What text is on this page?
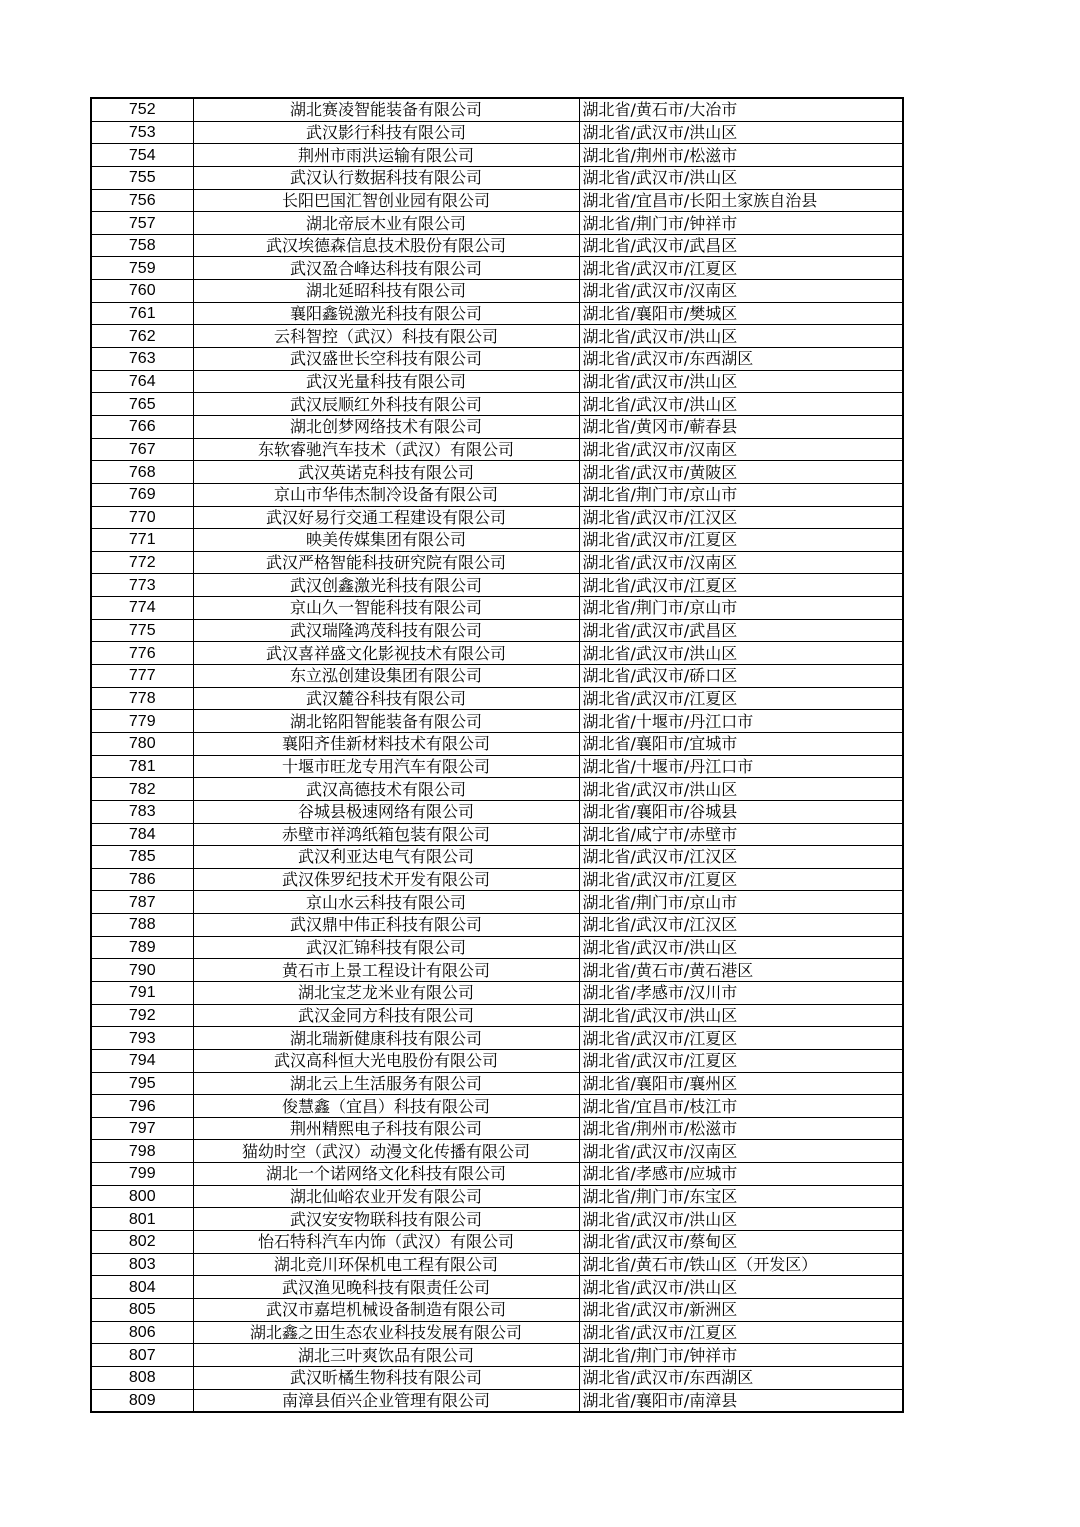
752	湖北赛凌智能装备有限公司	湖北省/黄石市/大冶市
753	武汉影行科技有限公司	湖北省/武汉市/洪山区
754	荆州市雨洪运输有限公司	湖北省/荆州市/松滋市
755	武汉认行数据科技有限公司	湖北省/武汉市/洪山区
756	长阳巴国汇智创业园有限公司	湖北省/宜昌市/长阳土家族自治县
757	湖北帝辰木业有限公司	湖北省/荆门市/钟祥市
758	武汉埃德森信息技术股份有限公司	湖北省/武汉市/武昌区
759	武汉盈合峰达科技有限公司	湖北省/武汉市/江夏区
760	湖北延昭科技有限公司	湖北省/武汉市/汉南区
761	襄阳鑫锐激光科技有限公司	湖北省/襄阳市/樊城区
762	云科智控（武汉）科技有限公司	湖北省/武汉市/洪山区
763	武汉盛世长空科技有限公司	湖北省/武汉市/东西湖区
764	武汉光量科技有限公司	湖北省/武汉市/洪山区
765	武汉辰顺红外科技有限公司	湖北省/武汉市/洪山区
766	湖北创梦网络技术有限公司	湖北省/黄冈市/蕲春县
767	东软睿驰汽车技术（武汉）有限公司	湖北省/武汉市/汉南区
768	武汉英诺克科技有限公司	湖北省/武汉市/黄陂区
769	京山市华伟杰制冷设备有限公司	湖北省/荆门市/京山市
770	武汉好易行交通工程建设有限公司	湖北省/武汉市/江汉区
771	映美传媒集团有限公司	湖北省/武汉市/江夏区
772	武汉严格智能科技研究院有限公司	湖北省/武汉市/汉南区
773	武汉创鑫激光科技有限公司	湖北省/武汉市/江夏区
774	京山久一智能科技有限公司	湖北省/荆门市/京山市
775	武汉瑞隆鸿茂科技有限公司	湖北省/武汉市/武昌区
776	武汉喜祥盛文化影视技术有限公司	湖北省/武汉市/洪山区
777	东立泓创建设集团有限公司	湖北省/武汉市/硚口区
778	武汉麓谷科技有限公司	湖北省/武汉市/江夏区
779	湖北铭阳智能装备有限公司	湖北省/十堰市/丹江口市
780	襄阳齐佳新材料技术有限公司	湖北省/襄阳市/宜城市
781	十堰市旺龙专用汽车有限公司	湖北省/十堰市/丹江口市
782	武汉高德技术有限公司	湖北省/武汉市/洪山区
783	谷城县极速网络有限公司	湖北省/襄阳市/谷城县
784	赤壁市祥鸿纸箱包装有限公司	湖北省/咸宁市/赤壁市
785	武汉利亚达电气有限公司	湖北省/武汉市/江汉区
786	武汉侏罗纪技术开发有限公司	湖北省/武汉市/江夏区
787	京山水云科技有限公司	湖北省/荆门市/京山市
788	武汉鼎中伟正科技有限公司	湖北省/武汉市/江汉区
789	武汉汇锦科技有限公司	湖北省/武汉市/洪山区
790	黄石市上景工程设计有限公司	湖北省/黄石市/黄石港区
791	湖北宝芝龙米业有限公司	湖北省/孝感市/汉川市
792	武汉金同方科技有限公司	湖北省/武汉市/洪山区
793	湖北瑞新健康科技有限公司	湖北省/武汉市/江夏区
794	武汉高科恒大光电股份有限公司	湖北省/武汉市/江夏区
795	湖北云上生活服务有限公司	湖北省/襄阳市/襄州区
796	俊慧鑫（宜昌）科技有限公司	湖北省/宜昌市/枝江市
797	荆州精熙电子科技有限公司	湖北省/荆州市/松滋市
798	猫幼时空（武汉）动漫文化传播有限公司	湖北省/武汉市/汉南区
799	湖北一个诺网络文化科技有限公司	湖北省/孝感市/应城市
800	湖北仙峪农业开发有限公司	湖北省/荆门市/东宝区
801	武汉安安物联科技有限公司	湖北省/武汉市/洪山区
802	怡石特科汽车内饰（武汉）有限公司	湖北省/武汉市/蔡甸区
803	湖北竞川环保机电工程有限公司	湖北省/黄石市/铁山区（开发区）
804	武汉渔见晚科技有限责任公司	湖北省/武汉市/洪山区
805	武汉市嘉垲机械设备制造有限公司	湖北省/武汉市/新洲区
806	湖北鑫之田生态农业科技发展有限公司	湖北省/武汉市/江夏区
807	湖北三叶爽饮品有限公司	湖北省/荆门市/钟祥市
808	武汉昕橘生物科技有限公司	湖北省/武汉市/东西湖区
809	南漳县佰兴企业管理有限公司	湖北省/襄阳市/南漳县
